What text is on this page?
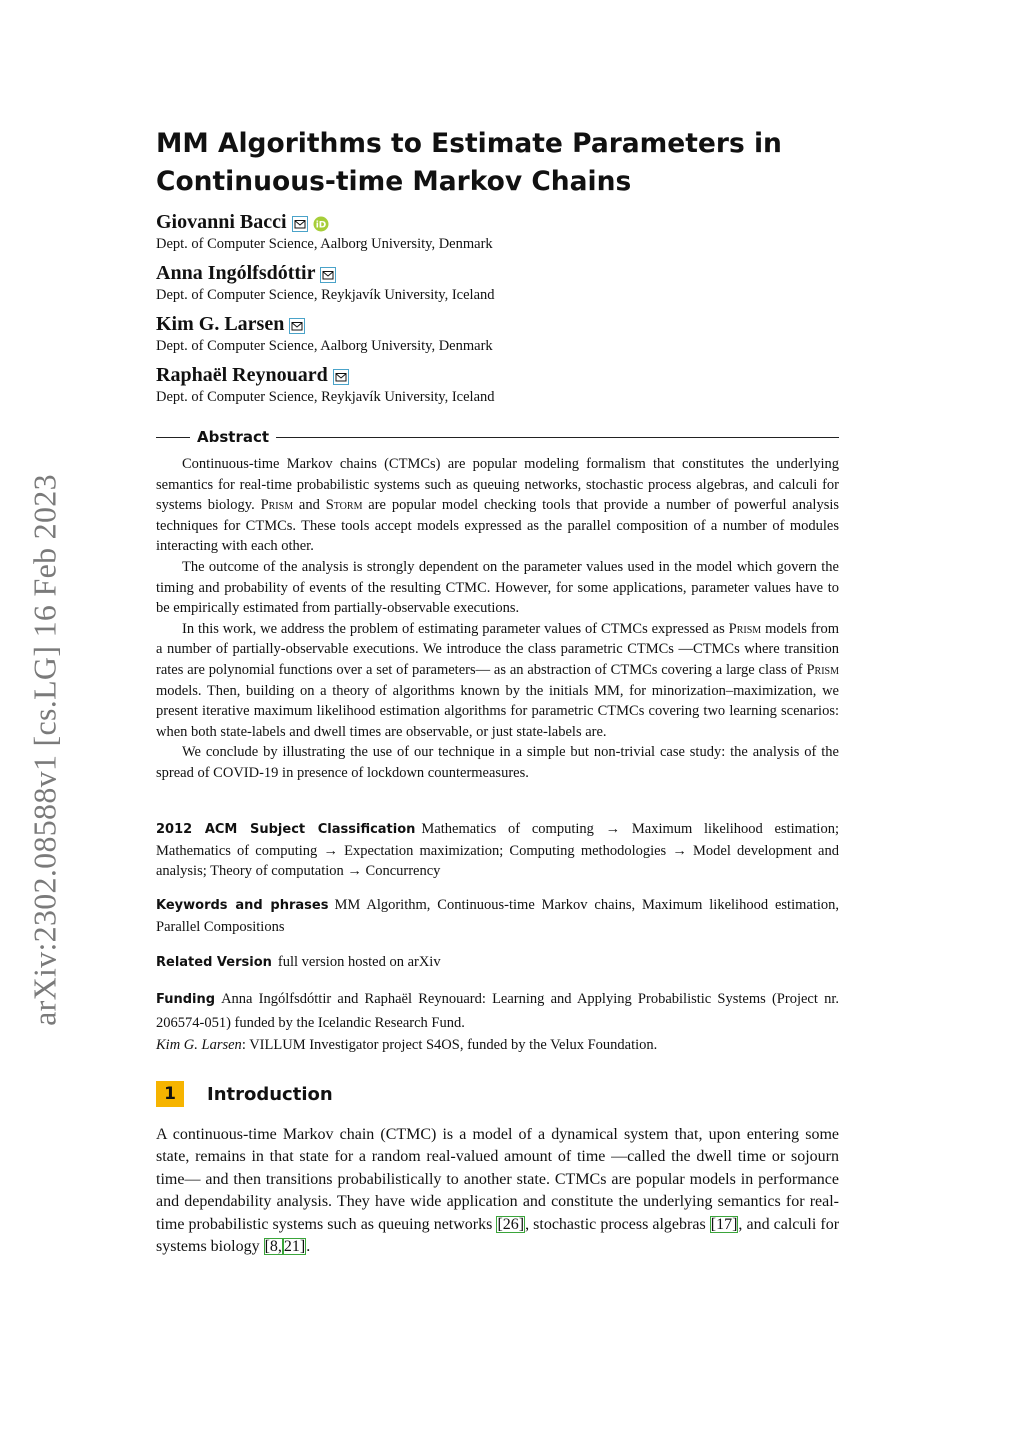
arXiv:2302.08588v1 [cs.LG] 16 Feb 2023
MM Algorithms to Estimate Parameters in
Continuous-time Markov Chains
Giovanni Bacci	iD
Dept. of Computer Science, Aalborg University, Denmark
Anna Ingólfsdóttir
Dept. of Computer Science, Reykjavík University, Iceland
Kim G. Larsen
Dept. of Computer Science, Aalborg University, Denmark
Raphaël Reynouard
Dept. of Computer Science, Reykjavík University, Iceland
Abstract

Continuous-time Markov chains (CTMCs) are popular modeling formalism that constitutes the underlying semantics for real-time probabilistic systems such as queuing networks, stochastic process algebras, and calculi for systems biology. Prism and Storm are popular model checking tools that provide a number of powerful analysis techniques for CTMCs. These tools accept models expressed as the parallel composition of a number of modules interacting with each other.

The outcome of the analysis is strongly dependent on the parameter values used in the model which govern the timing and probability of events of the resulting CTMC. However, for some applications, parameter values have to be empirically estimated from partially-observable executions.

In this work, we address the problem of estimating parameter values of CTMCs expressed as Prism models from a number of partially-observable executions. We introduce the class parametric CTMCs —CTMCs where transition rates are polynomial functions over a set of parameters— as an abstraction of CTMCs covering a large class of Prism models. Then, building on a theory of algorithms known by the initials MM, for minorization–maximization, we present iterative maximum likelihood estimation algorithms for parametric CTMCs covering two learning scenarios: when both state-labels and dwell times are observable, or just state-labels are.

We conclude by illustrating the use of our technique in a simple but non-trivial case study: the analysis of the spread of COVID-19 in presence of lockdown countermeasures.

2012 ACM Subject Classification Mathematics of computing → Maximum likelihood estimation; Mathematics of computing → Expectation maximization; Computing methodologies → Model development and analysis; Theory of computation → Concurrency

Keywords and phrases MM Algorithm, Continuous-time Markov chains, Maximum likelihood estimation, Parallel Compositions

Related Version full version hosted on arXiv

Funding Anna Ingólfsdóttir and Raphaël Reynouard: Learning and Applying Probabilistic Systems (Project nr. 206574-051) funded by the Icelandic Research Fund.

Kim G. Larsen: VILLUM Investigator project S4OS, funded by the Velux Foundation.

1	Introduction

A continuous-time Markov chain (CTMC) is a model of a dynamical system that, upon entering some state, remains in that state for a random real-valued amount of time —called the dwell time or sojourn time— and then transitions probabilistically to another state. CTMCs are popular models in performance and dependability analysis. They have wide application and constitute the underlying semantics for real-time probabilistic systems such as queuing networks [26], stochastic process algebras [17], and calculi for systems biology [8, 21].
